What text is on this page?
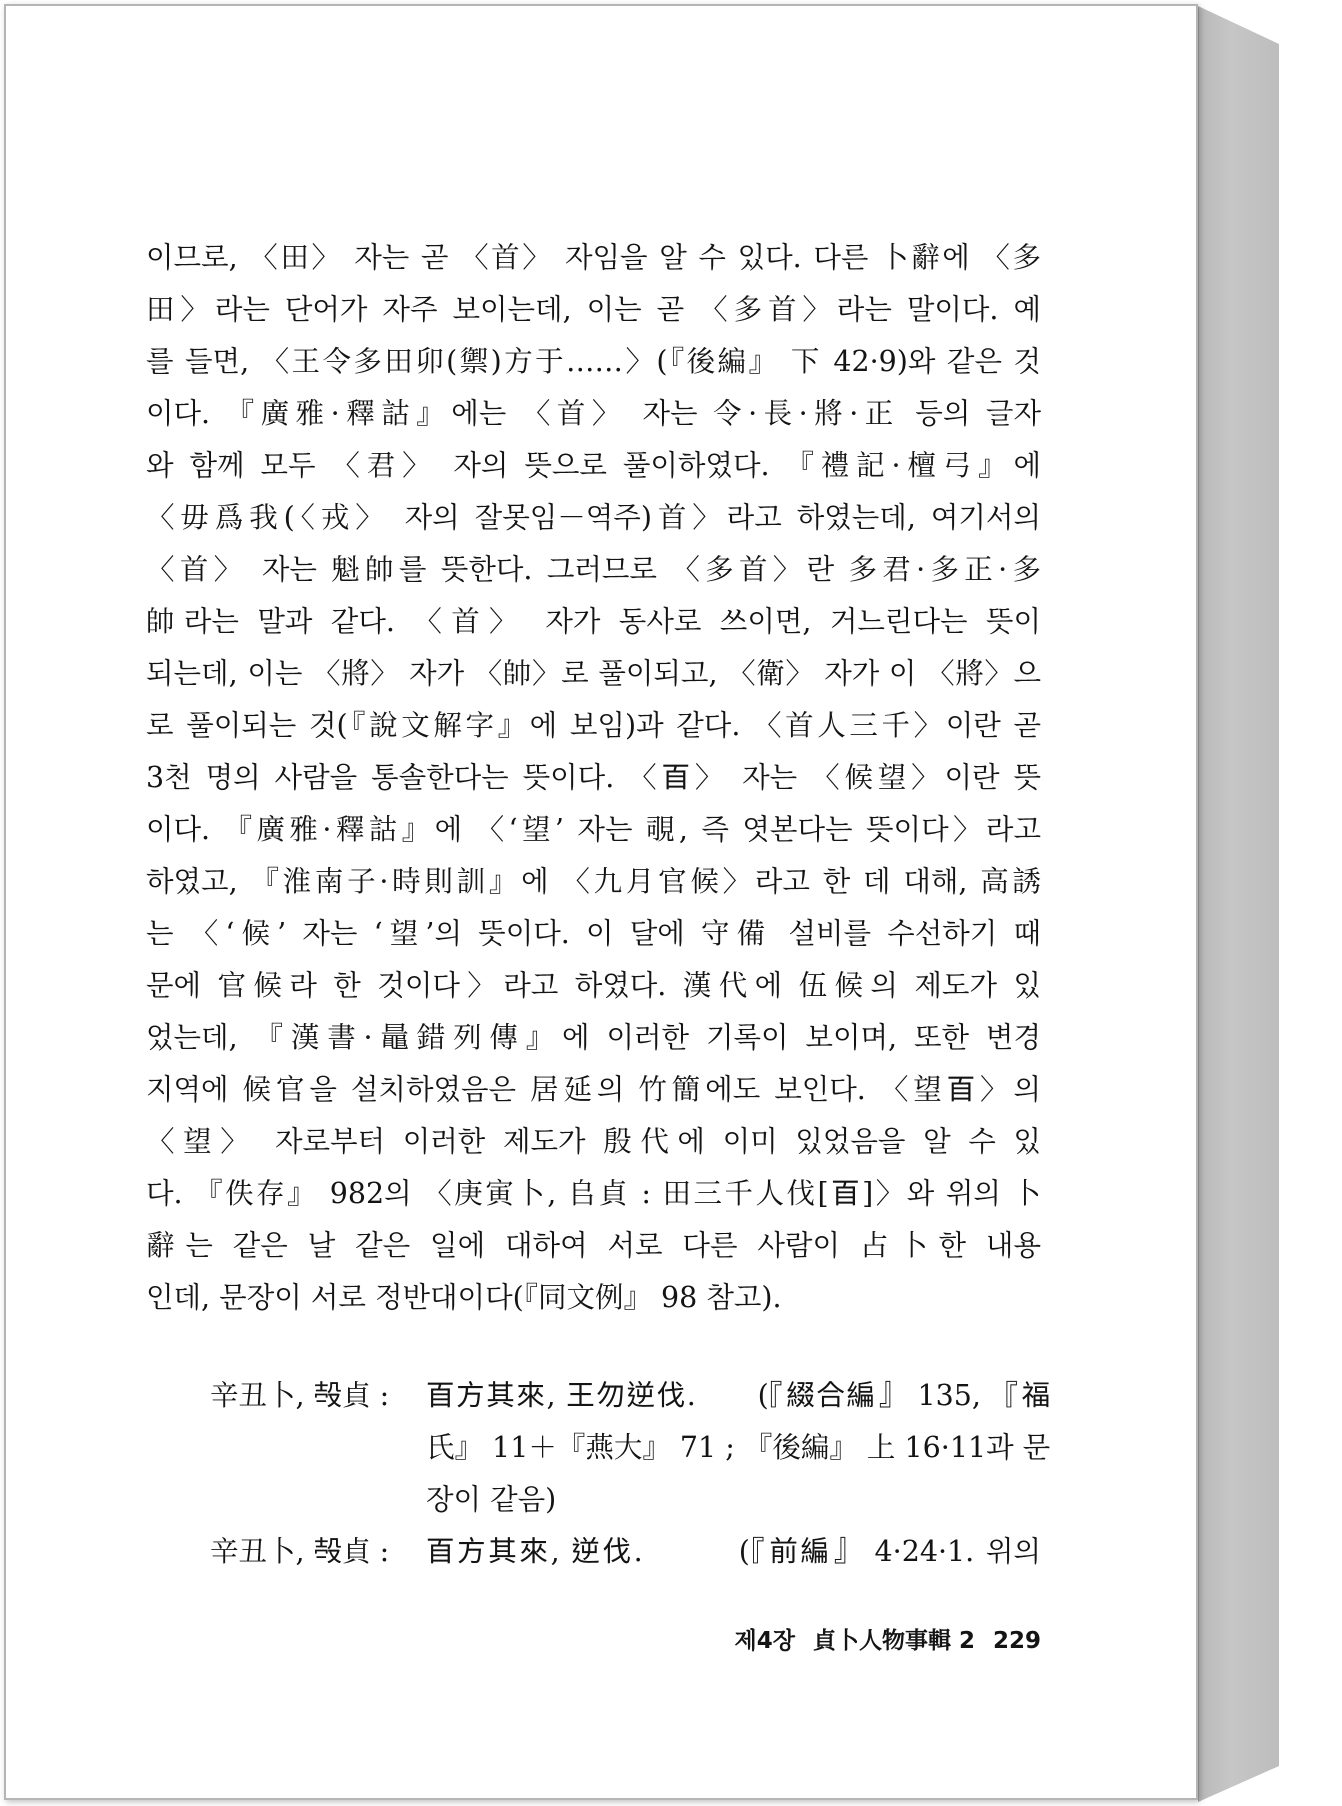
이므로, 〈田〉 자는 곧 〈首〉 자임을 알 수 있다. 다른 卜辭에 〈多
田〉라는 단어가 자주 보이는데, 이는 곧 〈多首〉라는 말이다. 예
를 들면, 〈王令多田卯(禦)方于……〉(『後編』 下 42·9)와 같은 것
이다. 『廣雅·釋詁』에는 〈首〉 자는 令·長·將·正 등의 글자
와 함께 모두 〈君〉 자의 뜻으로 풀이하였다. 『禮記·檀弓』에
〈毋爲我(〈戎〉 자의 잘못임－역주)首〉라고 하였는데, 여기서의
〈首〉 자는 魁帥를 뜻한다. 그러므로 〈多首〉란 多君·多正·多
帥라는 말과 같다. 〈首〉 자가 동사로 쓰이면, 거느린다는 뜻이
되는데, 이는 〈將〉 자가 〈帥〉로 풀이되고, 〈衛〉 자가 이 〈將〉으
로 풀이되는 것(『說文解字』에 보임)과 같다. 〈首人三千〉이란 곧
3천 명의 사람을 통솔한다는 뜻이다. 〈𦣻〉 자는 〈候望〉이란 뜻
이다. 『廣雅·釋詁』에 〈‘望’ 자는 覗, 즉 엿본다는 뜻이다〉라고
하였고, 『淮南子·時則訓』에 〈九月官候〉라고 한 데 대해, 高誘
는 〈‘候’ 자는 ‘望’의 뜻이다. 이 달에 守備 설비를 수선하기 때
문에 官候라 한 것이다〉라고 하였다. 漢代에 伍候의 제도가 있
었는데, 『漢書·鼂錯列傳』에 이러한 기록이 보이며, 또한 변경
지역에 候官을 설치하였음은 居延의 竹簡에도 보인다. 〈望𦣻〉의
〈望〉 자로부터 이러한 제도가 殷代에 이미 있었음을 알 수 있
다. 『佚存』 982의 〈庚寅卜, 𠂤貞 : 田三千人伐[𦣻]〉와 위의 卜
辭는 같은 날 같은 일에 대하여 서로 다른 사람이 占卜한 내용
인데, 문장이 서로 정반대이다(『同文例』 98 참고).
辛丑卜, 𣪊貞 :	𦣻方其來, 王勿逆伐.　　(『綴合編』 135, 『福
氏』 11＋『燕大』 71 ; 『後編』 上 16·11과 문
장이 같음)
辛丑卜, 𣪊貞 :	𦣻方其來, 逆伐.　　　(『前編』 4·24·1. 위의
제4장 貞卜人物事輯 2 229
